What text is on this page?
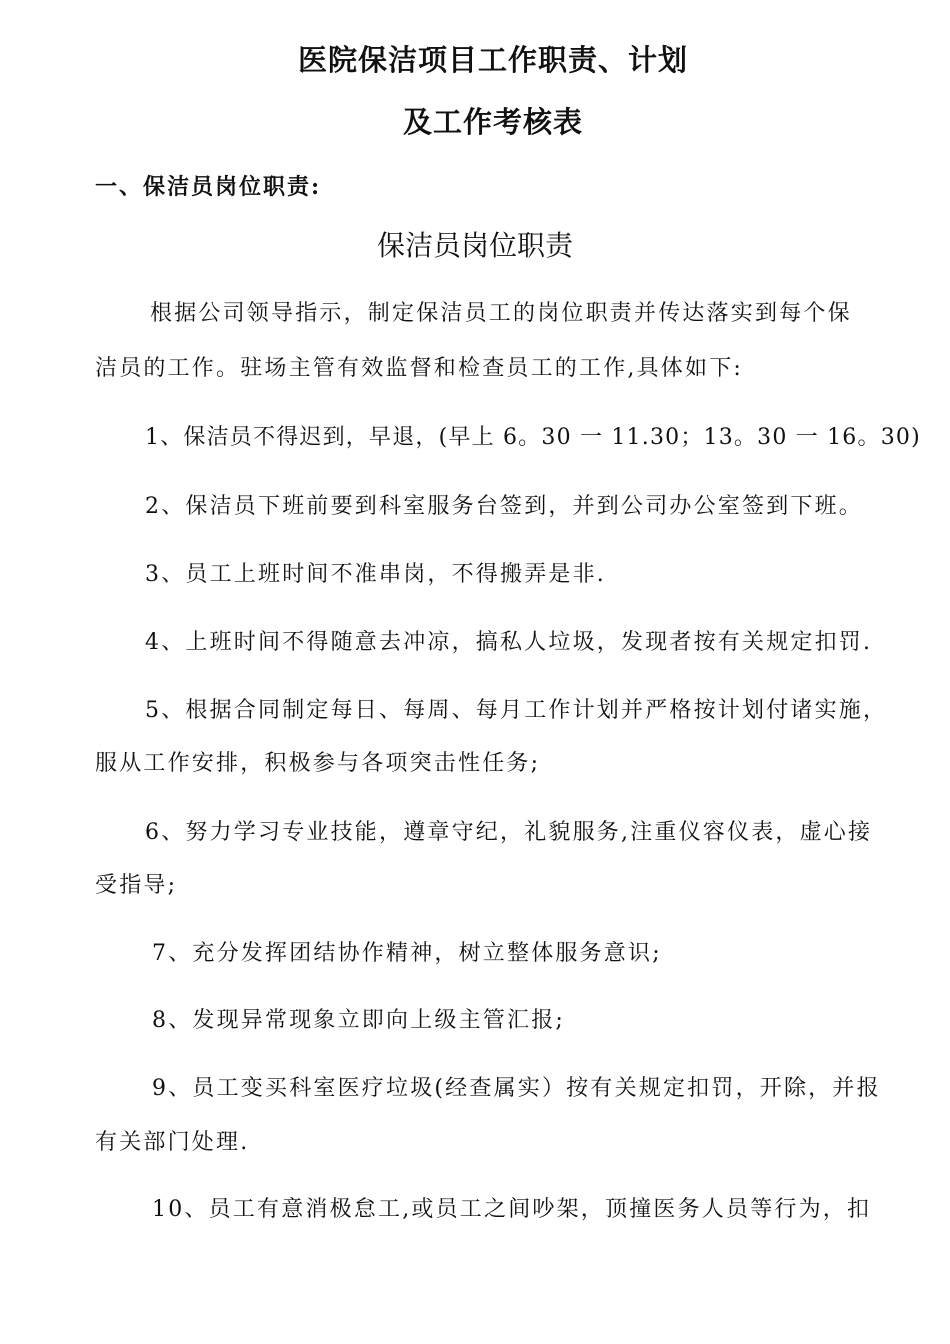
医院保洁项目工作职责、计划
及工作考核表
一、保洁员岗位职责:
保洁员岗位职责
根据公司领导指示，制定保洁员工的岗位职责并传达落实到每个保
洁员的工作。驻场主管有效监督和检查员工的工作,具体如下:
1、保洁员不得迟到，早退，(早上 6。30 一 11.30；13。30 一 16。30)
2、保洁员下班前要到科室服务台签到，并到公司办公室签到下班。
3、员工上班时间不准串岗，不得搬弄是非.
4、上班时间不得随意去冲凉，搞私人垃圾，发现者按有关规定扣罚.
5、根据合同制定每日、每周、每月工作计划并严格按计划付诸实施，
服从工作安排，积极参与各项突击性任务;
6、努力学习专业技能，遵章守纪，礼貌服务,注重仪容仪表，虚心接
受指导;
7、充分发挥团结协作精神，树立整体服务意识;
8、发现异常现象立即向上级主管汇报;
9、员工变买科室医疗垃圾(经查属实）按有关规定扣罚，开除，并报
有关部门处理.
10、员工有意消极怠工,或员工之间吵架，顶撞医务人员等行为，扣
